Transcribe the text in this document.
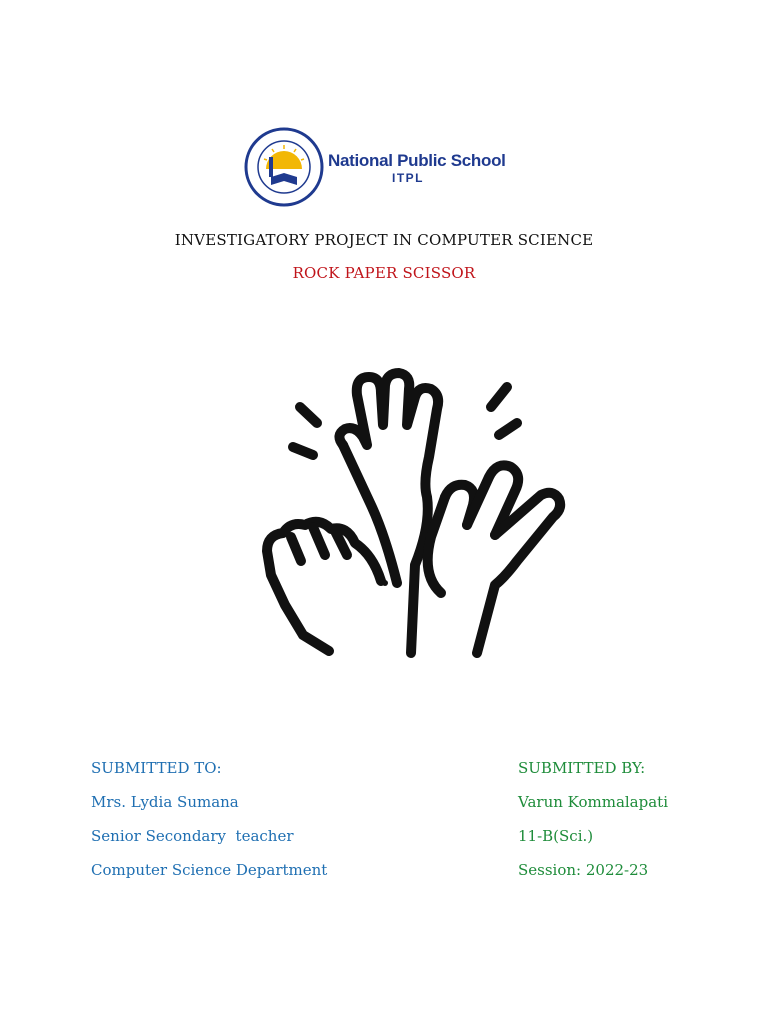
National Public School
ITPL
INVESTIGATORY PROJECT IN COMPUTER SCIENCE
ROCK PAPER SCISSOR
SUBMITTED TO:
Mrs. Lydia Sumana
Senior Secondary  teacher
Computer Science Department
SUBMITTED BY:
Varun Kommalapati
11-B(Sci.)
Session: 2022-23
